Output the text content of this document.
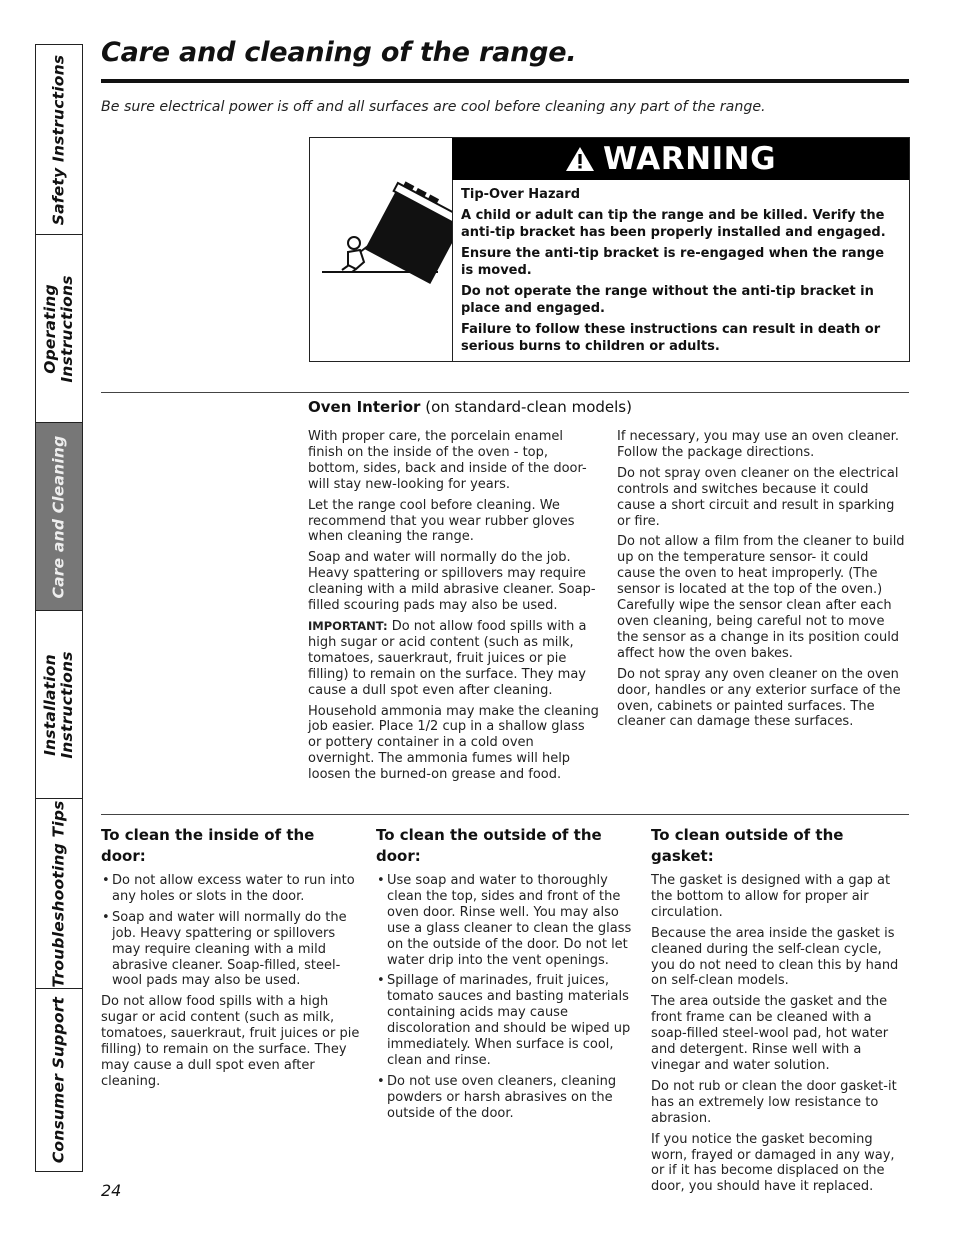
Safety Instructions
Operating
Instructions
Care and Cleaning
Installation
Instructions
Troubleshooting Tips
Consumer Support
Care and cleaning of the range.
Be sure electrical power is off and all surfaces are cool before cleaning any part of the range.
WARNING

Tip-Over Hazard

A child or adult can tip the range and be killed. Verify the anti-tip bracket has been properly installed and engaged.

Ensure the anti-tip bracket is re-engaged when the range is moved.

Do not operate the range without the anti-tip bracket in place and engaged.

Failure to follow these instructions can result in death or serious burns to children or adults.

Oven Interior (on standard-clean models)

With proper care, the porcelain enamel finish on the inside of the oven - top, bottom, sides, back and inside of the door- will stay new-looking for years.

Let the range cool before cleaning. We recommend that you wear rubber gloves when cleaning the range.

Soap and water will normally do the job. Heavy spattering or spillovers may require cleaning with a mild abrasive cleaner. Soap-filled scouring pads may also be used.

IMPORTANT: Do not allow food spills with a high sugar or acid content (such as milk, tomatoes, sauerkraut, fruit juices or pie filling) to remain on the surface. They may cause a dull spot even after cleaning.

Household ammonia may make the cleaning job easier. Place 1/2 cup in a shallow glass or pottery container in a cold oven overnight. The ammonia fumes will help loosen the burned-on grease and food.

If necessary, you may use an oven cleaner. Follow the package directions.

Do not spray oven cleaner on the electrical controls and switches because it could cause a short circuit and result in sparking or fire.

Do not allow a film from the cleaner to build up on the temperature sensor- it could cause the oven to heat improperly. (The sensor is located at the top of the oven.) Carefully wipe the sensor clean after each oven cleaning, being careful not to move the sensor as a change in its position could affect how the oven bakes.

Do not spray any oven cleaner on the oven door, handles or any exterior surface of the oven, cabinets or painted surfaces. The cleaner can damage these surfaces.

To clean the inside of the door:
• Do not allow excess water to run into any holes or slots in the door.
• Soap and water will normally do the job. Heavy spattering or spillovers may require cleaning with a mild abrasive cleaner. Soap-filled, steel-wool pads may also be used.

Do not allow food spills with a high sugar or acid content (such as milk, tomatoes, sauerkraut, fruit juices or pie filling) to remain on the surface. They may cause a dull spot even after cleaning.

To clean the outside of the door:
• Use soap and water to thoroughly clean the top, sides and front of the oven door. Rinse well. You may also use a glass cleaner to clean the glass on the outside of the door. Do not let water drip into the vent openings.
• Spillage of marinades, fruit juices, tomato sauces and basting materials containing acids may cause discoloration and should be wiped up immediately. When surface is cool, clean and rinse.
• Do not use oven cleaners, cleaning powders or harsh abrasives on the outside of the door.
To clean outside of the gasket:

The gasket is designed with a gap at the bottom to allow for proper air circulation.

Because the area inside the gasket is cleaned during the self-clean cycle, you do not need to clean this by hand on self-clean models.

The area outside the gasket and the front frame can be cleaned with a soap-filled steel-wool pad, hot water and detergent. Rinse well with a vinegar and water solution.

Do not rub or clean the door gasket-it has an extremely low resistance to abrasion.

If you notice the gasket becoming worn, frayed or damaged in any way, or if it has become displaced on the door, you should have it replaced.

24
